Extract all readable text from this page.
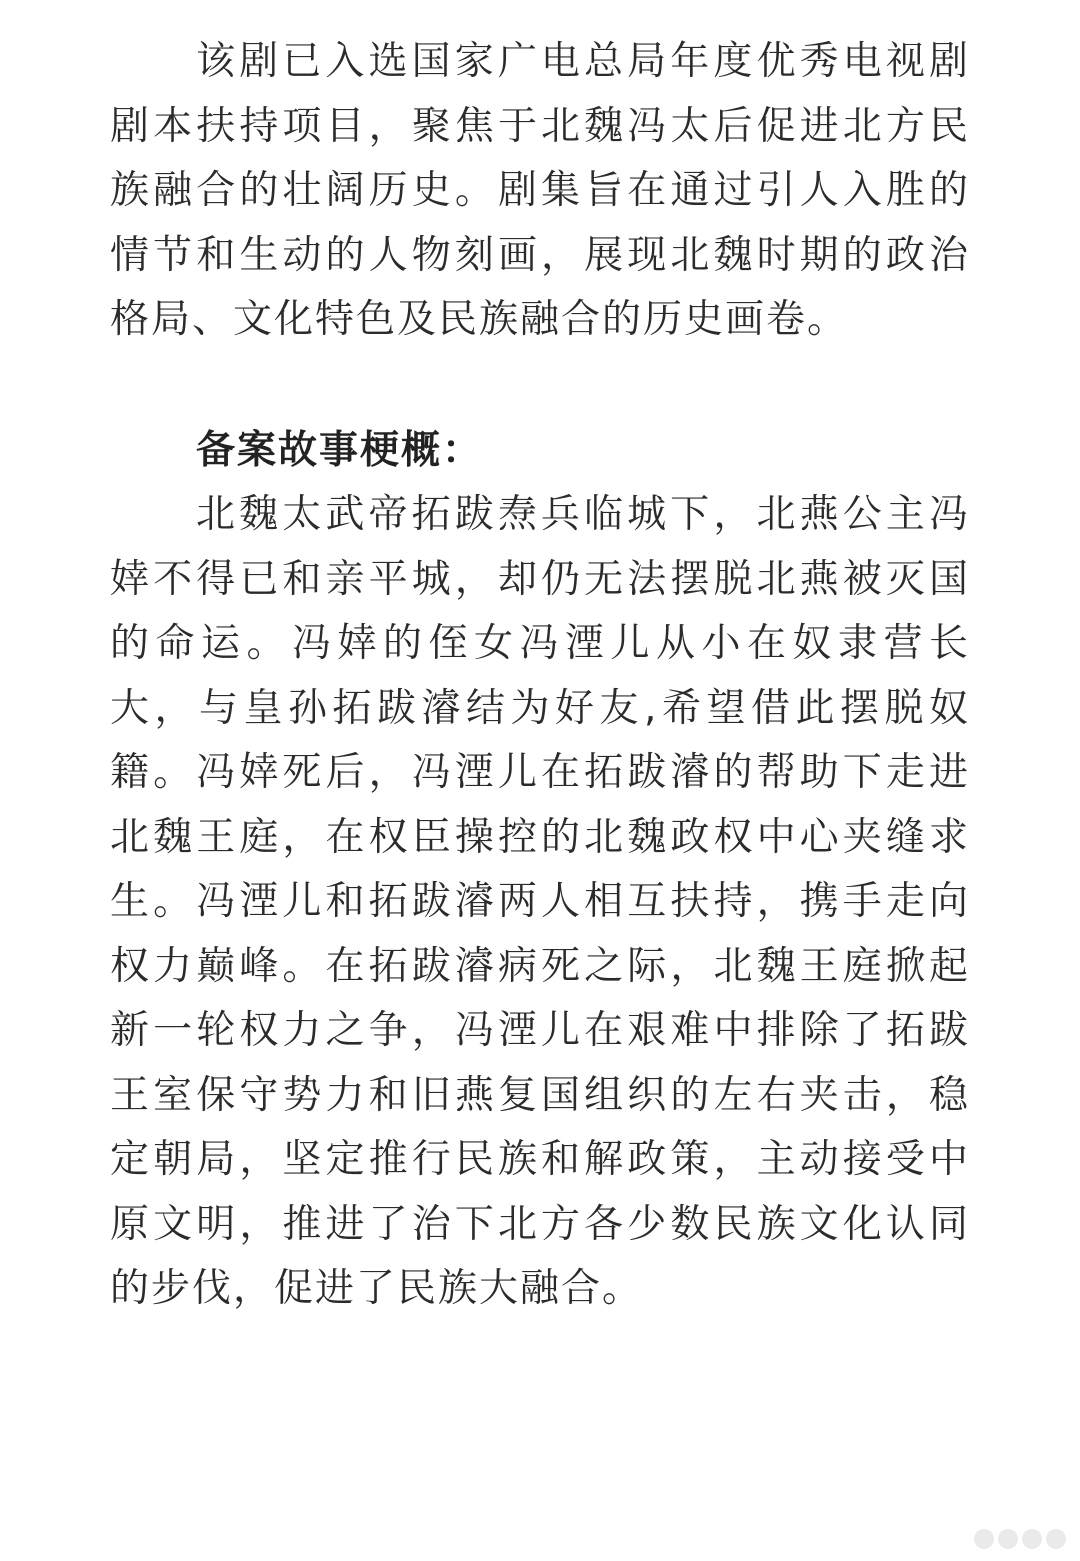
该剧已入选国家广电总局年度优秀电视剧剧本扶持项目，聚焦于北魏冯太后促进北方民族融合的壮阔历史。剧集旨在通过引人入胜的情节和生动的人物刻画，展现北魏时期的政治格局、文化特色及民族融合的历史画卷。

备案故事梗概：

北魏太武帝拓跋焘兵临城下，北燕公主冯婞不得已和亲平城，却仍无法摆脱北燕被灭国的命运。冯婞的侄女冯湮儿从小在奴隶营长大，与皇孙拓跋濬结为好友,希望借此摆脱奴籍。冯婞死后，冯湮儿在拓跋濬的帮助下走进北魏王庭，在权臣操控的北魏政权中心夹缝求生。冯湮儿和拓跋濬两人相互扶持，携手走向权力巅峰。在拓跋濬病死之际，北魏王庭掀起新一轮权力之争，冯湮儿在艰难中排除了拓跋王室保守势力和旧燕复国组织的左右夹击，稳定朝局，坚定推行民族和解政策，主动接受中原文明，推进了治下北方各少数民族文化认同的步伐，促进了民族大融合。
